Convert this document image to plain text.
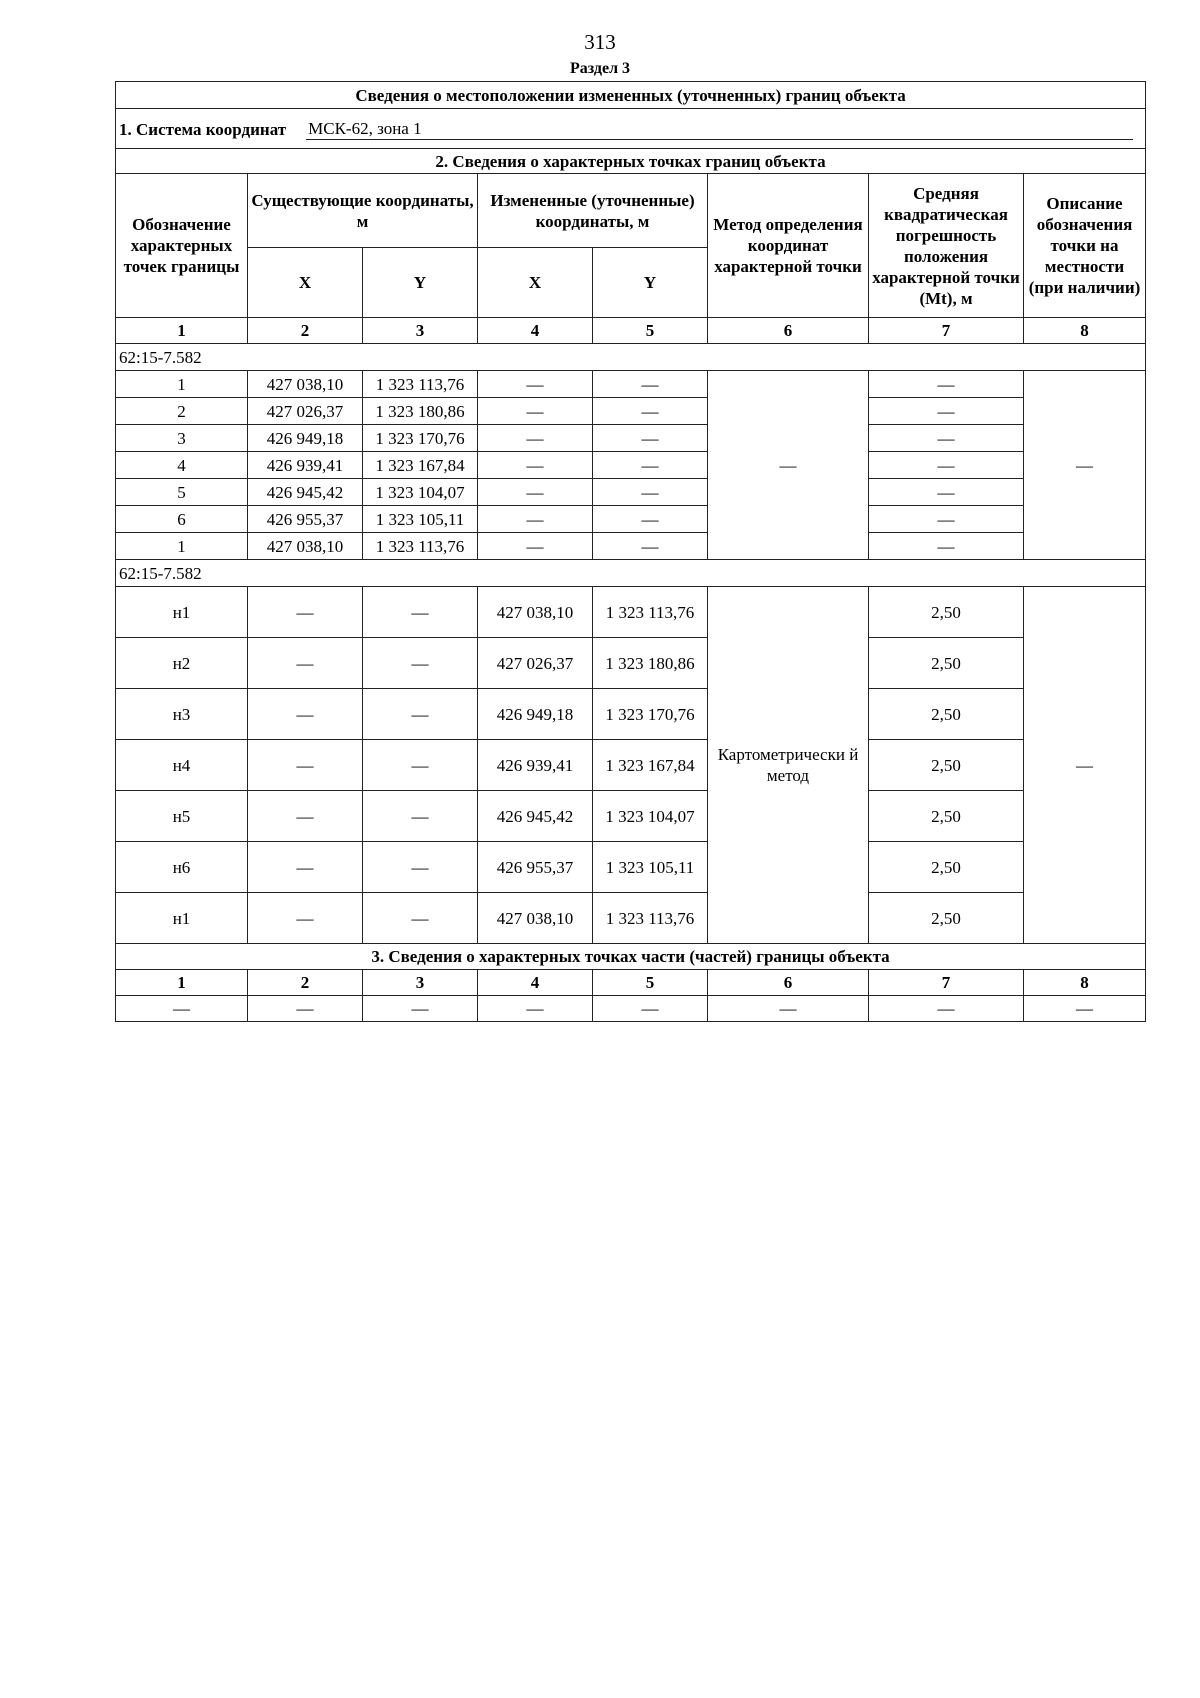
313
Раздел 3
Сведения о местоположении измененных (уточненных) границ объекта							

1. Система координат МСК-62, зона 1							

2. Сведения о характерных точках границ объекта							
Обозначение характерных точек границы	Существующие координаты, м		Измененные (уточненные) координаты, м		Метод определения координат характерной точки	Средняя квадратическая погрешность положения характерной точки (Mt), м	Описание обозначения точки на местности (при наличии)
	X	Y	X	Y			
1	2	3	4	5	6	7	8
62:15-7.582							
1	427 038,10	1 323 113,76	—	—	—	—	—
2	427 026,37	1 323 180,86	—	—		—	
3	426 949,18	1 323 170,76	—	—		—	
4	426 939,41	1 323 167,84	—	—		—	
5	426 945,42	1 323 104,07	—	—		—	
6	426 955,37	1 323 105,11	—	—		—	
1	427 038,10	1 323 113,76	—	—		—	
62:15-7.582							
н1	—	—	427 038,10	1 323 113,76	Картометрически й метод	2,50	—
н2	—	—	427 026,37	1 323 180,86		2,50	
н3	—	—	426 949,18	1 323 170,76		2,50	
н4	—	—	426 939,41	1 323 167,84		2,50	
н5	—	—	426 945,42	1 323 104,07		2,50	
н6	—	—	426 955,37	1 323 105,11		2,50	
н1	—	—	427 038,10	1 323 113,76		2,50	
3. Сведения о характерных точках части (частей) границы объекта							
1	2	3	4	5	6	7	8
—	—	—	—	—	—	—	—
